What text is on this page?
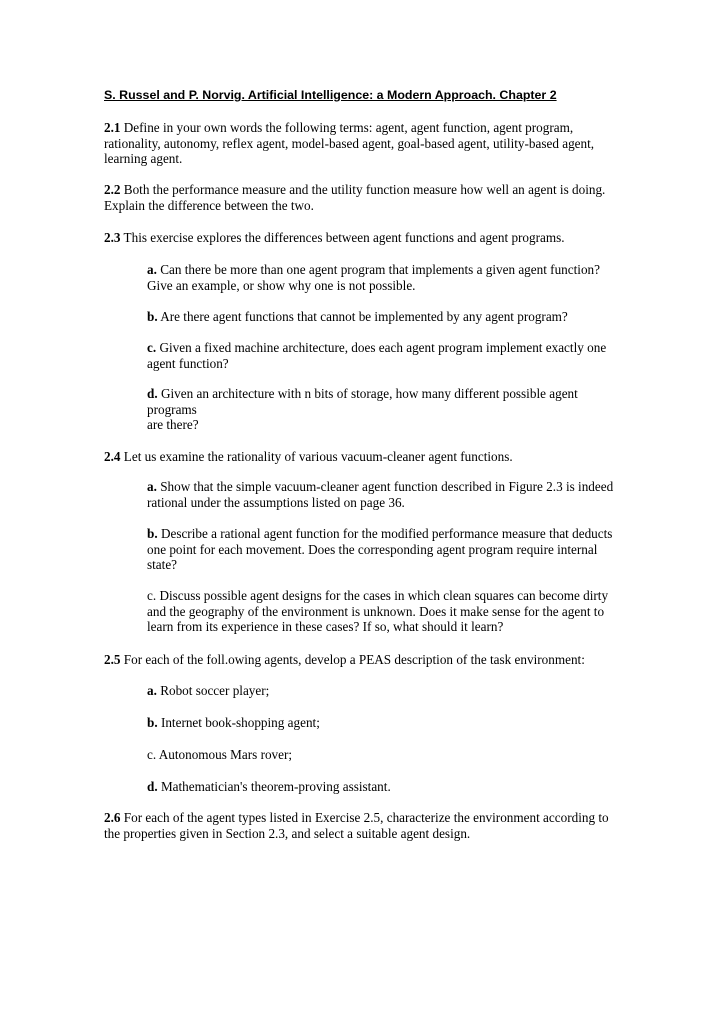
S. Russel and P. Norvig. Artificial Intelligence: a Modern Approach. Chapter 2

2.1 Define in your own words the following terms: agent, agent function, agent program, rationality, autonomy, reflex agent, model-based agent, goal-based agent, utility-based agent, learning agent.

2.2 Both the performance measure and the utility function measure how well an agent is doing. Explain the difference between the two.

2.3 This exercise explores the differences between agent functions and agent programs.

a. Can there be more than one agent program that implements a given agent function? Give an example, or show why one is not possible.

b. Are there agent functions that cannot be implemented by any agent program?

c. Given a fixed machine architecture, does each agent program implement exactly one agent function?

d. Given an architecture with n bits of storage, how many different possible agent
programs
are there?

2.4 Let us examine the rationality of various vacuum-cleaner agent functions.

a. Show that the simple vacuum-cleaner agent function described in Figure 2.3 is indeed rational under the assumptions listed on page 36.

b. Describe a rational agent function for the modified performance measure that deducts one point for each movement. Does the corresponding agent program require internal state?

c. Discuss possible agent designs for the cases in which clean squares can become dirty and the geography of the environment is unknown. Does it make sense for the agent to learn from its experience in these cases? If so, what should it learn?

2.5 For each of the foll.owing agents, develop a PEAS description of the task environment:

a. Robot soccer player;

b. Internet book-shopping agent;

c. Autonomous Mars rover;

d. Mathematician's theorem-proving assistant.

2.6 For each of the agent types listed in Exercise 2.5, characterize the environment according to the properties given in Section 2.3, and select a suitable agent design.
